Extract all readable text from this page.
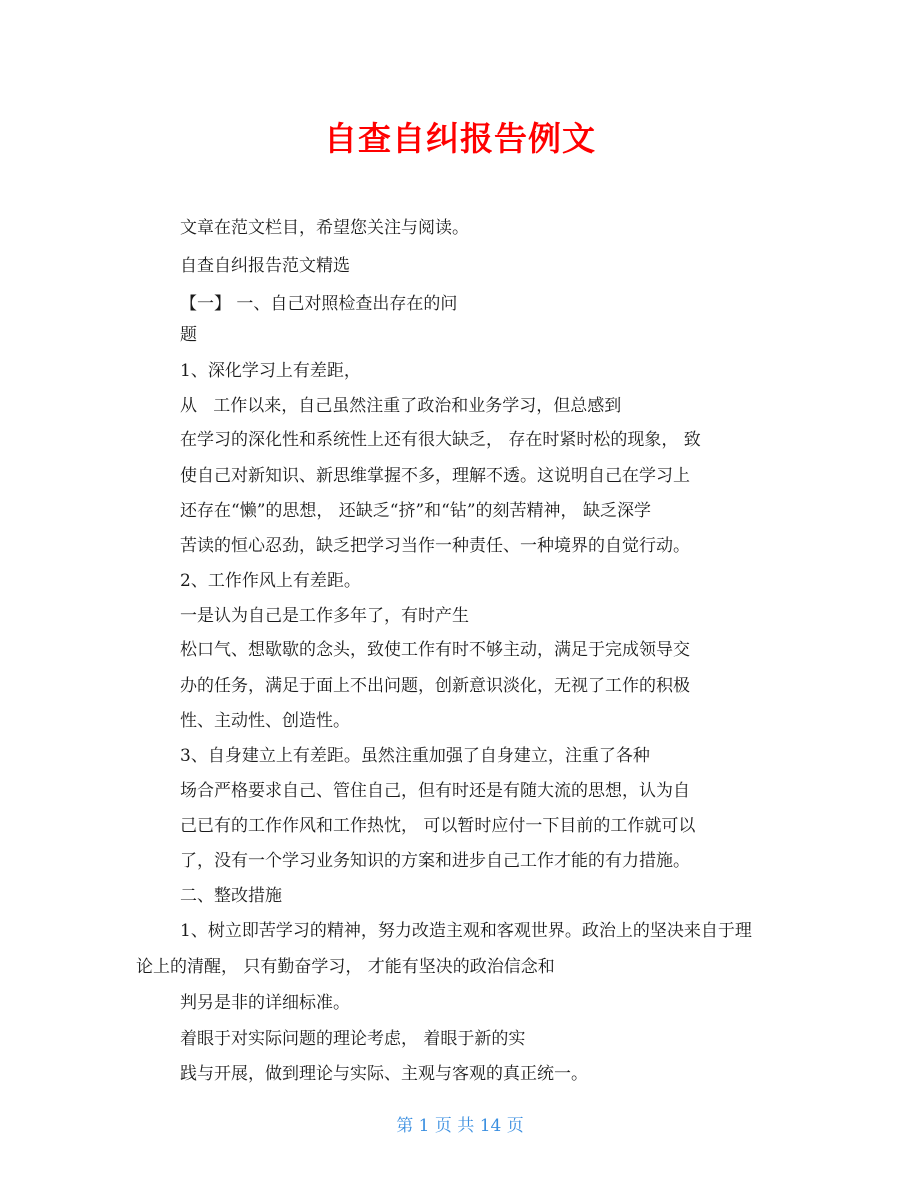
自查自纠报告例文
文章在范文栏目，希望您关注与阅读。
自查自纠报告范文精选
【一】 一、自己对照检查出存在的问
题
1、深化学习上有差距，
从   工作以来，自己虽然注重了政治和业务学习，但总感到
在学习的深化性和系统性上还有很大缺乏， 存在时紧时松的现象， 致
使自己对新知识、新思维掌握不多，理解不透。这说明自己在学习上
还存在“懒”的思想， 还缺乏“挤”和“钻”的刻苦精神， 缺乏深学
苦读的恒心忍劲，缺乏把学习当作一种责任、一种境界的自觉行动。
2、工作作风上有差距。
一是认为自己是工作多年了，有时产生
松口气、想歇歇的念头，致使工作有时不够主动，满足于完成领导交
办的任务，满足于面上不出问题，创新意识淡化，无视了工作的积极
性、主动性、创造性。
3、自身建立上有差距。虽然注重加强了自身建立，注重了各种
场合严格要求自己、管住自己，但有时还是有随大流的思想，认为自
己已有的工作作风和工作热忱， 可以暂时应付一下目前的工作就可以
了，没有一个学习业务知识的方案和进步自己工作才能的有力措施。
二、整改措施
1、树立即苦学习的精神，努力改造主观和客观世界。政治上的坚决来自于理
论上的清醒， 只有勤奋学习， 才能有坚决的政治信念和
判另是非的详细标准。
着眼于对实际问题的理论考虑， 着眼于新的实
践与开展，做到理论与实际、主观与客观的真正统一。
第 1 页 共 14 页
